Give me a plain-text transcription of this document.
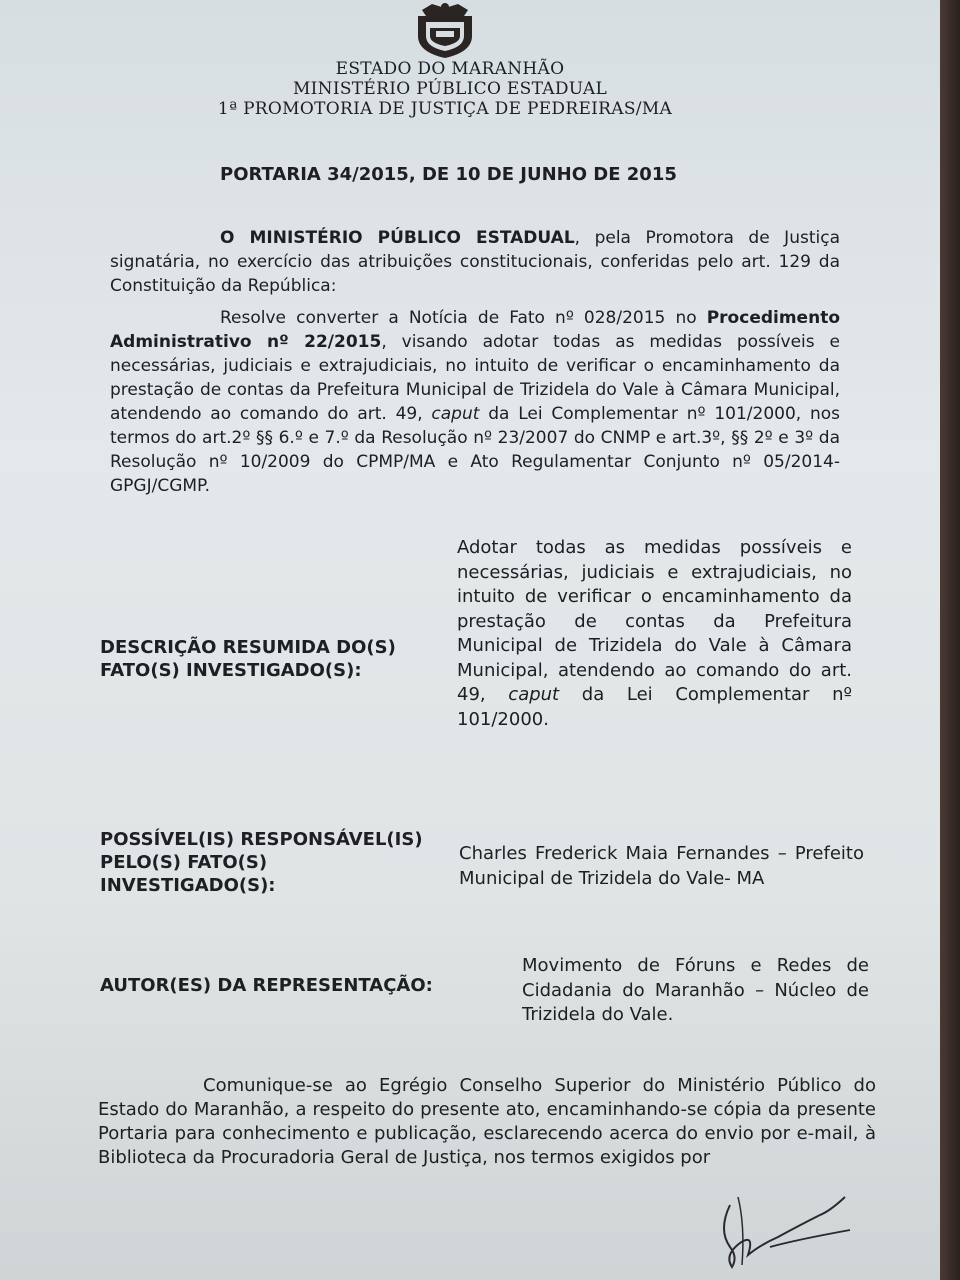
ESTADO DO MARANHÃO
MINISTÉRIO PÚBLICO ESTADUAL
1ª PROMOTORIA DE JUSTIÇA DE PEDREIRAS/MA
PORTARIA 34/2015, DE 10 DE JUNHO DE 2015
O MINISTÉRIO PÚBLICO ESTADUAL, pela Promotora de Justiça signatária, no exercício das atribuições constitucionais, conferidas pelo art. 129 da Constituição da República:
Resolve converter a Notícia de Fato nº 028/2015 no Procedimento Administrativo nº 22/2015, visando adotar todas as medidas possíveis e necessárias, judiciais e extrajudiciais, no intuito de verificar o encaminhamento da prestação de contas da Prefeitura Municipal de Trizidela do Vale à Câmara Municipal, atendendo ao comando do art. 49, caput da Lei Complementar nº 101/2000, nos termos do art.2º §§ 6.º e 7.º da Resolução nº 23/2007 do CNMP e art.3º, §§ 2º e 3º da Resolução nº 10/2009 do CPMP/MA e Ato Regulamentar Conjunto nº 05/2014-GPGJ/CGMP.
DESCRIÇÃO RESUMIDA DO(S) FATO(S) INVESTIGADO(S):
Adotar todas as medidas possíveis e necessárias, judiciais e extrajudiciais, no intuito de verificar o encaminhamento da prestação de contas da Prefeitura Municipal de Trizidela do Vale à Câmara Municipal, atendendo ao comando do art. 49, caput da Lei Complementar nº 101/2000.
POSSÍVEL(IS) RESPONSÁVEL(IS) PELO(S) FATO(S) INVESTIGADO(S):
Charles Frederick Maia Fernandes – Prefeito Municipal de Trizidela do Vale- MA
AUTOR(ES) DA REPRESENTAÇÃO:
Movimento de Fóruns e Redes de Cidadania do Maranhão – Núcleo de Trizidela do Vale.
Comunique-se ao Egrégio Conselho Superior do Ministério Público do Estado do Maranhão, a respeito do presente ato, encaminhando-se cópia da presente Portaria para conhecimento e publicação, esclarecendo acerca do envio por e-mail, à Biblioteca da Procuradoria Geral de Justiça, nos termos exigidos por
